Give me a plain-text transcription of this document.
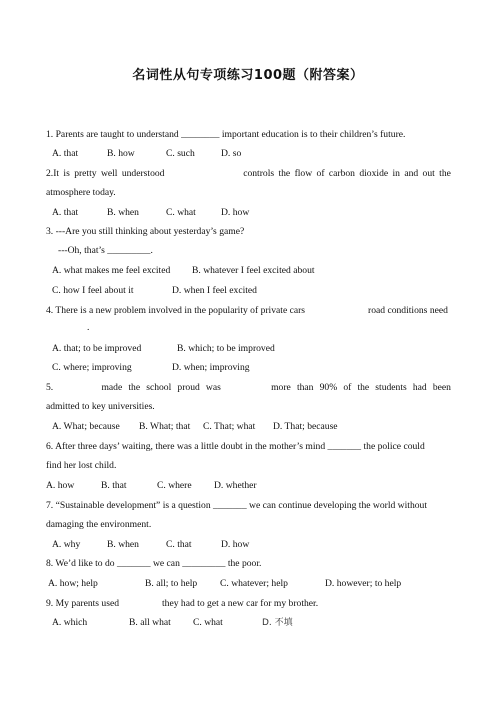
名词性从句专项练习100题（附答案）
1. Parents are taught to understand ________ important education is to their children’s future.
A. that	B. how	C. such	D. so
2.It is pretty well understood	controls the flow of carbon dioxide in and out the
atmosphere today.
A. that	B. when	C. what	D. how
3. ---Are you still thinking about yesterday’s game?
---Oh, that’s _________.
A. what makes me feel excited B. whatever I feel excited about
C. how I feel about it	D. when I feel excited
4. There is a new problem involved in the popularity of private cars	road conditions need
.
A. that; to be improved	B. which; to be improved
C. where; improving	D. when; improving
5.	made the school proud was	more than 90% of the students had been
admitted to key universities.
A. What; because B. What; that C. That; what D. That; because
6. After three days’ waiting, there was a little doubt in the mother’s mind _______ the police could
find her lost child.
A. how	B. that	C. where D. whether
7. “Sustainable development” is a question _______ we can continue developing the world without
damaging the environment.
A. why	B. when	C. that	D. how
8. We’d like to do _______ we can _________ the poor.
A. how; help	B. all; to help C. whatever; help	D. however; to help
9. My parents used	they had to get a new car for my brother.
A. which	B. all what C. what	D. 不填
